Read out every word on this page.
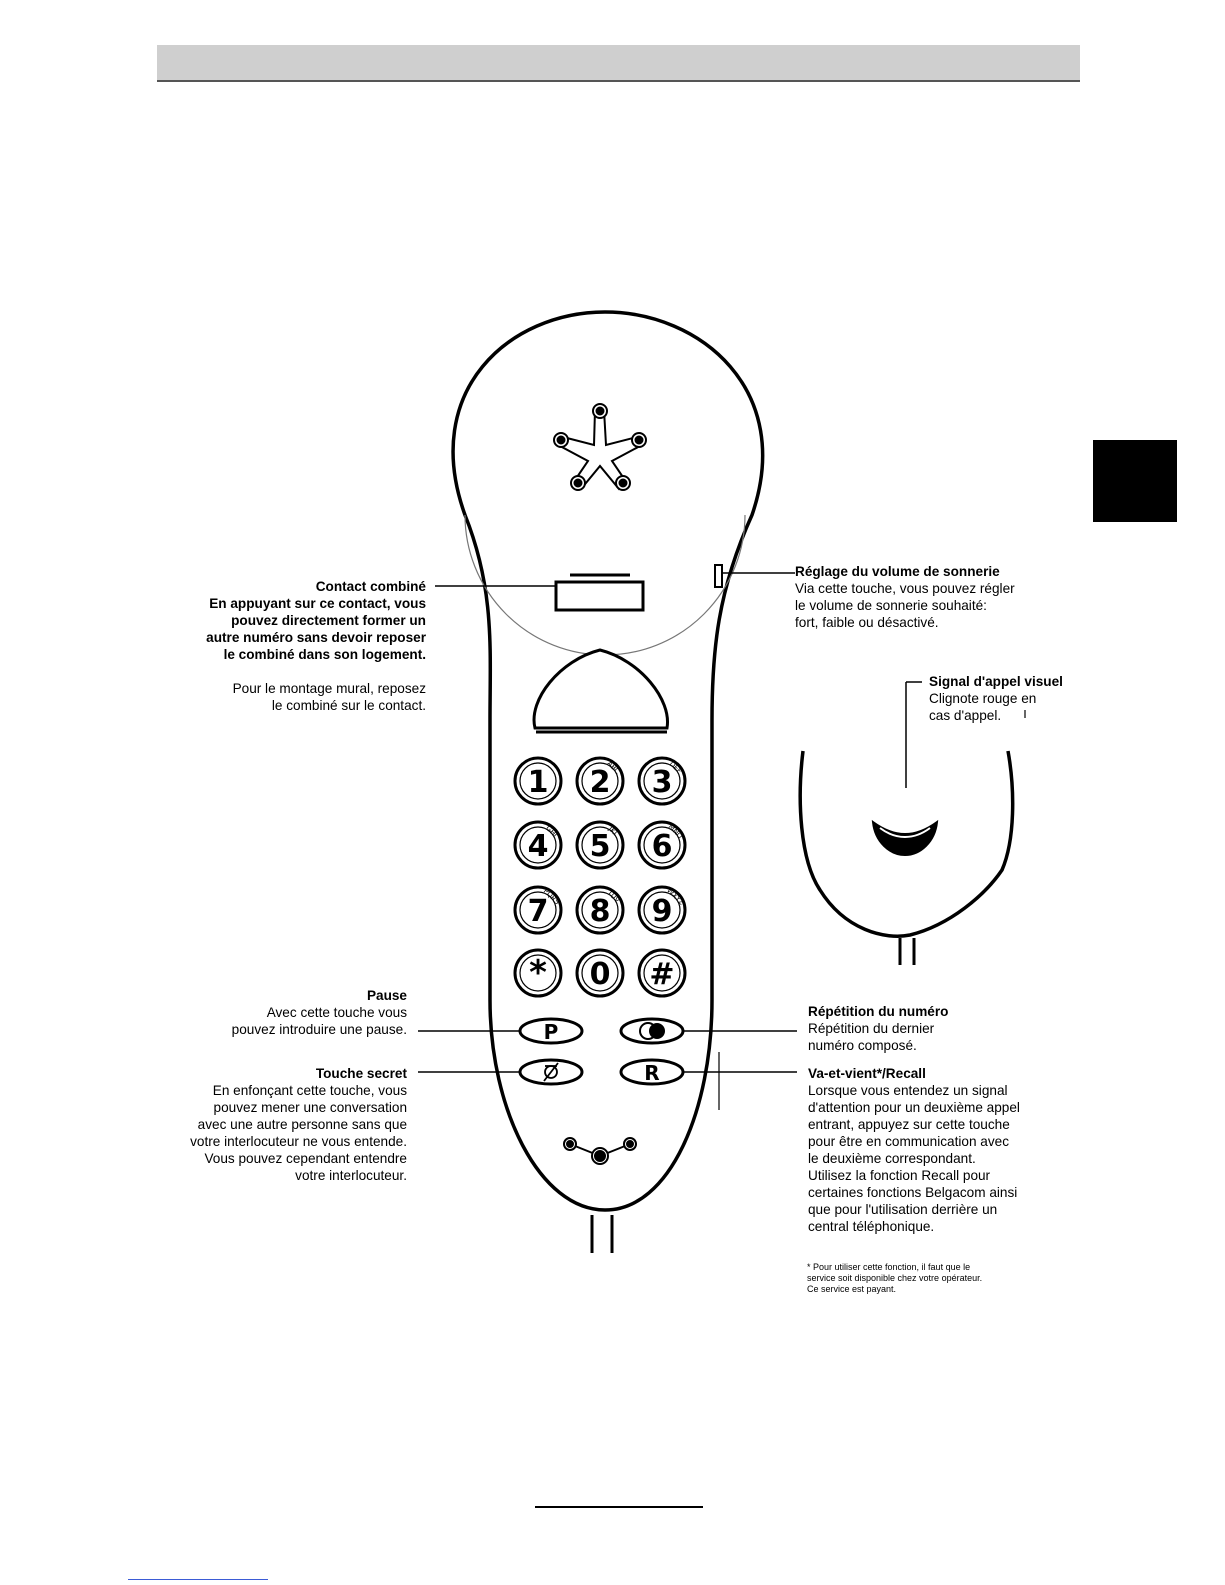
1 2
ABC 3
DEF
4
GHI 5
JKL 6
MNO
7
PQRS 8
TUV 9
WXYZ
* 0 #
P
R
Contact combiné
En appuyant sur ce contact, vous
pouvez directement former un
autre numéro sans devoir reposer
le combiné dans son logement.
Pour le montage mural, reposez
le combiné sur le contact.
Réglage du volume de sonnerie
Via cette touche, vous pouvez régler
le volume de sonnerie souhaité:
fort, faible ou désactivé.
Signal d'appel visuel
Clignote rouge en
cas d'appel.
Pause
Avec cette touche vous
pouvez introduire une pause.
Répétition du numéro
Répétition du dernier
numéro composé.
Touche secret
En enfonçant cette touche, vous
pouvez mener une conversation
avec une autre personne sans que
votre interlocuteur ne vous entende.
Vous pouvez cependant entendre
votre interlocuteur.
Va-et-vient*/Recall
Lorsque vous entendez un signal
d'attention pour un deuxième appel
entrant, appuyez sur cette touche
pour être en communication avec
le deuxième correspondant.
Utilisez la fonction Recall pour
certaines fonctions Belgacom ainsi
que pour l'utilisation derrière un
central téléphonique.
* Pour utiliser cette fonction, il faut que le
service soit disponible chez votre opérateur.
Ce service est payant.
